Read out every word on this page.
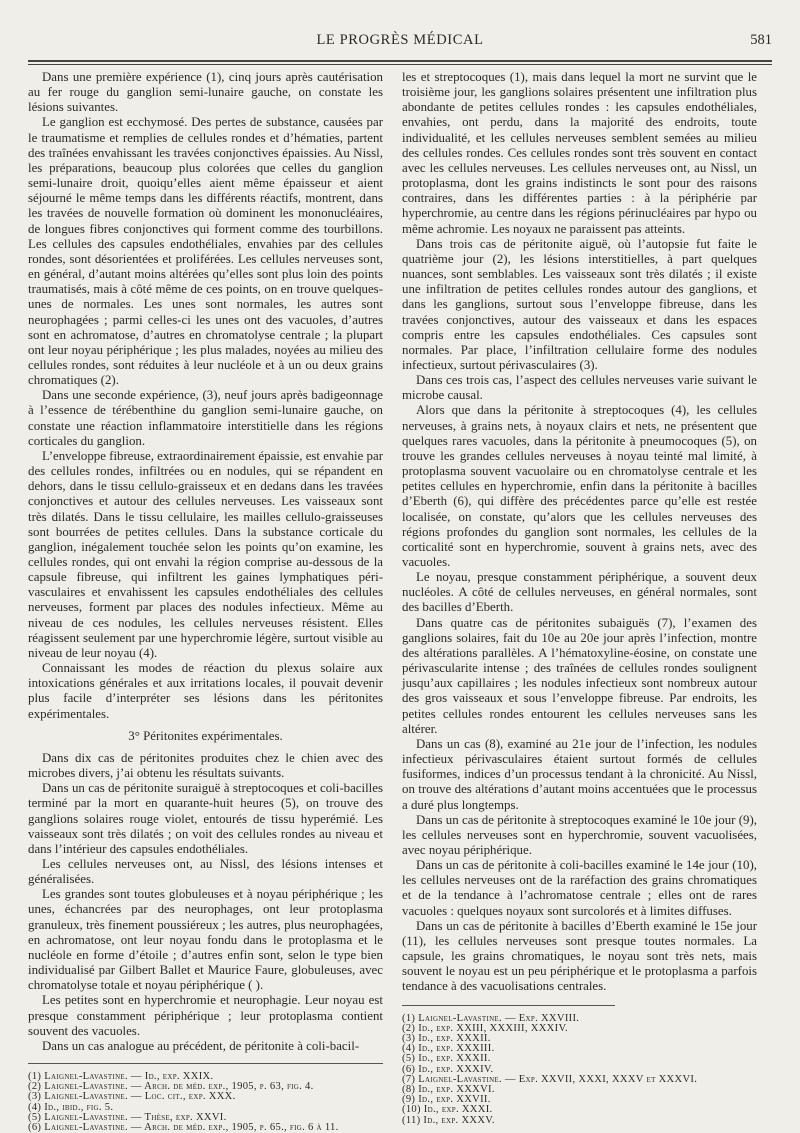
LE PROGRÈS MÉDICAL	581

Dans une première expérience (1), cinq jours après cautérisation au fer rouge du ganglion semi-lunaire gauche, on constate les lésions suivantes.

Le ganglion est ecchymosé. Des pertes de substance, causées par le traumatisme et remplies de cellules rondes et d’hématies, partent des traînées envahissant les travées conjonctives épaissies. Au Nissl, les préparations, beaucoup plus colorées que celles du ganglion semi-lunaire droit, quoiqu’elles aient même épaisseur et aient séjourné le même temps dans les différents réactifs, montrent, dans les travées de nouvelle formation où dominent les mononucléaires, de longues fibres conjonctives qui forment comme des tourbillons. Les cellules des capsules endothéliales, envahies par des cellules rondes, sont désorientées et proliférées. Les cellules nerveuses sont, en général, d’autant moins altérées qu’elles sont plus loin des points traumatisés, mais à côté même de ces points, on en trouve quelques-unes de normales. Les unes sont normales, les autres sont neurophagées ; parmi celles-ci les unes ont des vacuoles, d’autres sont en achromatose, d’autres en chromatolyse centrale ; la plupart ont leur noyau périphérique ; les plus malades, noyées au milieu des cellules rondes, sont réduites à leur nucléole et à un ou deux grains chromatiques (2).

Dans une seconde expérience, (3), neuf jours après badigeonnage à l’essence de térébenthine du ganglion semi-lunaire gauche, on constate une réaction inflammatoire interstitielle dans les régions corticales du ganglion.

L’enveloppe fibreuse, extraordinairement épaissie, est envahie par des cellules rondes, infiltrées ou en nodules, qui se répandent en dehors, dans le tissu cellulo-graisseux et en dedans dans les travées conjonctives et autour des cellules nerveuses. Les vaisseaux sont très dilatés. Dans le tissu cellulaire, les mailles cellulo-graisseuses sont bourrées de petites cellules. Dans la substance corticale du ganglion, inégalement touchée selon les points qu’on examine, les cellules rondes, qui ont envahi la région comprise au-dessous de la capsule fibreuse, qui infiltrent les gaines lymphatiques péri-vasculaires et envahissent les capsules endothéliales des cellules nerveuses, forment par places des nodules infectieux. Même au niveau de ces nodules, les cellules nerveuses résistent. Elles réagissent seulement par une hyperchromie légère, surtout visible au niveau de leur noyau (4).

Connaissant les modes de réaction du plexus solaire aux intoxications générales et aux irritations locales, il pouvait devenir plus facile d’interpréter ses lésions dans les péritonites expérimentales.

3° Péritonites expérimentales.

Dans dix cas de péritonites produites chez le chien avec des microbes divers, j’ai obtenu les résultats suivants.

Dans un cas de péritonite suraiguë à streptocoques et coli-bacilles terminé par la mort en quarante-huit heures (5), on trouve des ganglions solaires rouge violet, entourés de tissu hyperémié. Les vaisseaux sont très dilatés ; on voit des cellules rondes au niveau et dans l’intérieur des capsules endothéliales.

Les cellules nerveuses ont, au Nissl, des lésions intenses et généralisées.

Les grandes sont toutes globuleuses et à noyau périphérique ; les unes, échancrées par des neurophages, ont leur protoplasma granuleux, très finement poussiéreux ; les autres, plus neurophagées, en achromatose, ont leur noyau fondu dans le protoplasma et le nucléole en forme d’étoile ; d’autres enfin sont, selon le type bien individualisé par Gilbert Ballet et Maurice Faure, globuleuses, avec chromatolyse totale et noyau périphérique ( ).

Les petites sont en hyperchromie et neurophagie. Leur noyau est presque constamment périphérique ; leur protoplasma contient souvent des vacuoles.

Dans un cas analogue au précédent, de péritonite à coli-bacil-

(1) Laignel-Lavastine. — Id., exp. XXIX.
(2) Laignel-Lavastine. — Arch. de méd. exp., 1905, p. 63, fig. 4.
(3) Laignel-Lavastine. — Loc. cit., exp. XXX.
(4) Id., ibid., fig. 5.
(5) Laignel-Lavastine. — Thèse, exp. XXVI.
(6) Laignel-Lavastine. — Arch. de méd. exp., 1905, p. 65., fig. 6 à 11.

les et streptocoques (1), mais dans lequel la mort ne survint que le troisième jour, les ganglions solaires présentent une infiltration plus abondante de petites cellules rondes : les capsules endothéliales, envahies, ont perdu, dans la majorité des endroits, toute individualité, et les cellules nerveuses semblent semées au milieu des cellules rondes. Ces cellules rondes sont très souvent en contact avec les cellules nerveuses. Les cellules nerveuses ont, au Nissl, un protoplasma, dont les grains indistincts le sont pour des raisons contraires, dans les différentes parties : à la périphérie par hyperchromie, au centre dans les régions périnucléaires par hypo ou même achromie. Les noyaux ne paraissent pas atteints.

Dans trois cas de péritonite aiguë, où l’autopsie fut faite le quatrième jour (2), les lésions interstitielles, à part quelques nuances, sont semblables. Les vaisseaux sont très dilatés ; il existe une infiltration de petites cellules rondes autour des ganglions, et dans les ganglions, surtout sous l’enveloppe fibreuse, dans les travées conjonctives, autour des vaisseaux et dans les espaces compris entre les capsules endothéliales. Ces capsules sont normales. Par place, l’infiltration cellulaire forme des nodules infectieux, surtout périvasculaires (3).

Dans ces trois cas, l’aspect des cellules nerveuses varie suivant le microbe causal.

Alors que dans la péritonite à streptocoques (4), les cellules nerveuses, à grains nets, à noyaux clairs et nets, ne présentent que quelques rares vacuoles, dans la péritonite à pneumocoques (5), on trouve les grandes cellules nerveuses à noyau teinté mal limité, à protoplasma souvent vacuolaire ou en chromatolyse centrale et les petites cellules en hyperchromie, enfin dans la péritonite à bacilles d’Eberth (6), qui diffère des précédentes parce qu’elle est restée localisée, on constate, qu’alors que les cellules nerveuses des régions profondes du ganglion sont normales, les cellules de la corticalité sont en hyperchromie, souvent à grains nets, avec des vacuoles.

Le noyau, presque constamment périphérique, a souvent deux nucléoles. A côté de cellules nerveuses, en général normales, sont des bacilles d’Eberth.

Dans quatre cas de péritonites subaiguës (7), l’examen des ganglions solaires, fait du 10e au 20e jour après l’infection, montre des altérations parallèles. A l’hématoxyline-éosine, on constate une périvascularite intense ; des traînées de cellules rondes soulignent jusqu’aux capillaires ; les nodules infectieux sont nombreux autour des gros vaisseaux et sous l’enveloppe fibreuse. Par endroits, les petites cellules rondes entourent les cellules nerveuses sans les altérer.

Dans un cas (8), examiné au 21e jour de l’infection, les nodules infectieux périvasculaires étaient surtout formés de cellules fusiformes, indices d’un processus tendant à la chronicité. Au Nissl, on trouve des altérations d’autant moins accentuées que le processus a duré plus longtemps.

Dans un cas de péritonite à streptocoques examiné le 10e jour (9), les cellules nerveuses sont en hyperchromie, souvent vacuolisées, avec noyau périphérique.

Dans un cas de péritonite à coli-bacilles examiné le 14e jour (10), les cellules nerveuses ont de la raréfaction des grains chromatiques et de la tendance à l’achromatose centrale ; elles ont de rares vacuoles : quelques noyaux sont surcolorés et à limites diffuses.

Dans un cas de péritonite à bacilles d’Eberth examiné le 15e jour (11), les cellules nerveuses sont presque toutes normales. La capsule, les grains chromatiques, le noyau sont très nets, mais souvent le noyau est un peu périphérique et le protoplasma a parfois tendance à des vacuolisations centrales.

(1) Laignel-Lavastine. — Exp. XXVIII.
(2) Id., exp. XXIII, XXXIII, XXXIV.
(3) Id., exp. XXXII.
(4) Id., exp. XXXIII.
(5) Id., exp. XXXII.
(6) Id., exp. XXXIV.
(7) Laignel-Lavastine. — Exp. XXVII, XXXI, XXXV et XXXVI.
(8) Id., exp. XXXVI.
(9) Id., exp. XXVII.
(10) Id., exp. XXXI.
(11) Id., exp. XXXV.
